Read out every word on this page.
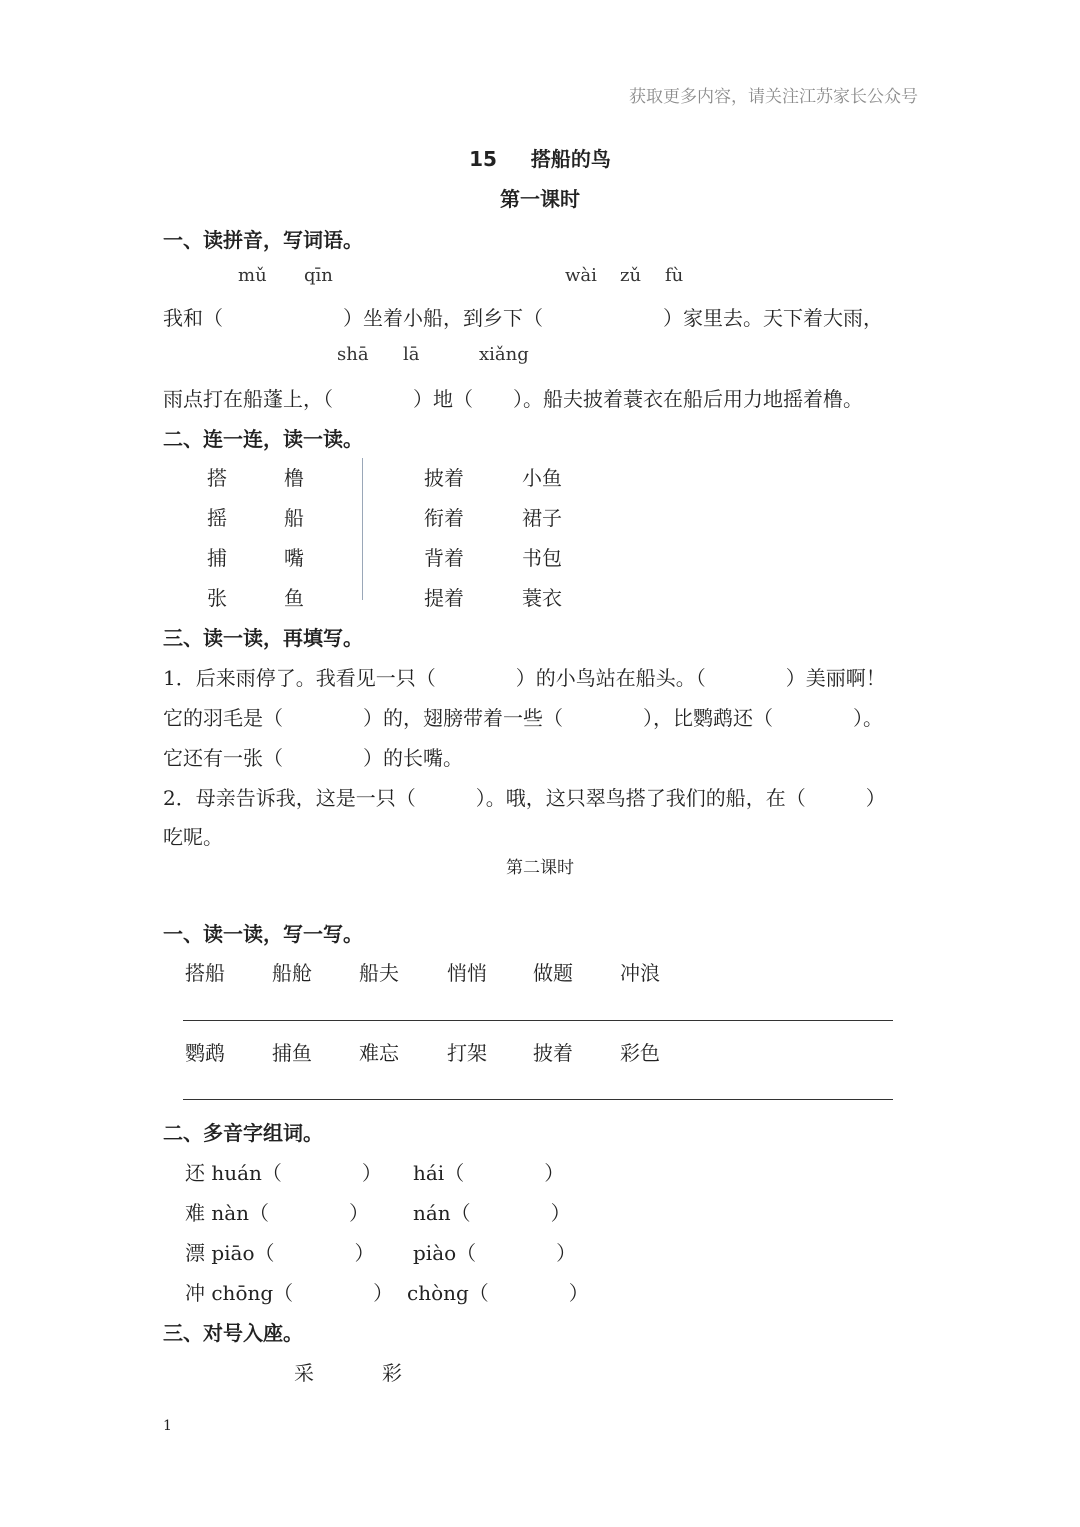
获取更多内容，请关注江苏家长公众号
15 搭船的鸟
第一课时
一、读拼音，写词语。
mǔ qīn	wài zǔ fù
我和（　　　　　　）坐着小船，到乡下（　　　　　　）家里去。天下着大雨，
shā lā	xiǎng
雨点打在船蓬上，（　　　　）地（　　）。船夫披着蓑衣在船后用力地摇着橹。
二、连一连，读一读。
搭	橹
摇	船
捕	嘴
张	鱼
披着	小鱼
衔着	裙子
背着	书包
提着	蓑衣
三、读一读，再填写。
1．后来雨停了。我看见一只（　　　　）的小鸟站在船头。（　　　　）美丽啊！
它的羽毛是（　　　　）的，翅膀带着一些（　　　　），比鹦鹉还（　　　　）。
它还有一张（　　　　）的长嘴。
2．母亲告诉我，这是一只（　　　）。哦，这只翠鸟搭了我们的船，在（　　　）
吃呢。
第二课时
一、读一读，写一写。
搭船 船舱 船夫 悄悄 做题 冲浪
鹦鹉 捕鱼 难忘 打架 披着 彩色
二、多音字组词。
还 huán（　　　　） hái（　　　　）
难 nàn（　　　　） nán（　　　　）
漂 piāo（　　　　） piào（　　　　）
冲 chōng（　　　　） chòng（　　　　）
三、对号入座。
采	彩
1
